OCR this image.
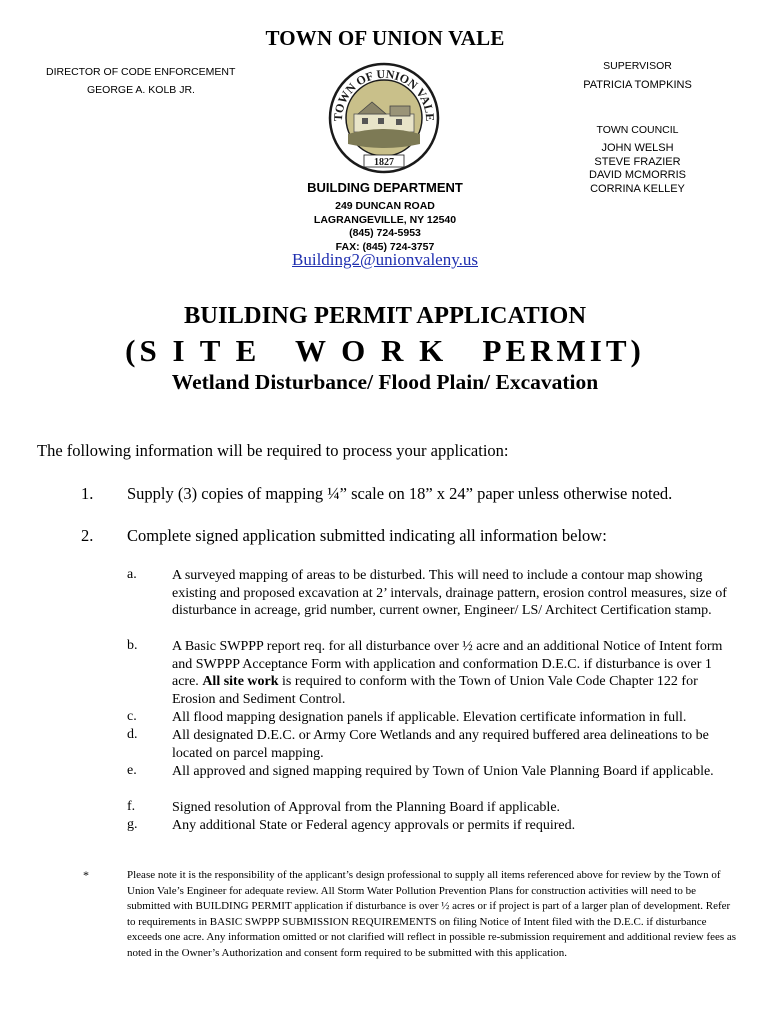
TOWN OF UNION VALE
DIRECTOR OF CODE ENFORCEMENT
GEORGE A. KOLB JR.
SUPERVISOR
PATRICIA TOMPKINS
TOWN COUNCIL
JOHN WELSH
STEVE FRAZIER
DAVID MCMORRIS
CORRINA KELLEY
TOWN OF UNION VALE
1827
BUILDING DEPARTMENT
249 DUNCAN ROAD
LAGRANGEVILLE, NY 12540
(845) 724-5953
FAX: (845) 724-3757
Building2@unionvaleny.us
BUILDING PERMIT APPLICATION
(S I T E   W O R K   PERMIT)
Wetland Disturbance/ Flood Plain/ Excavation
The following information will be required to process your application:
1. Supply (3) copies of mapping ¼” scale on 18” x 24” paper unless otherwise noted.
2. Complete signed application submitted indicating all information below:
a.	A surveyed mapping of areas to be disturbed. This will need to include a contour map showing existing and proposed excavation at 2’ intervals, drainage pattern, erosion control measures, size of disturbance in acreage, grid number, current owner, Engineer/ LS/ Architect Certification stamp.
b. A Basic SWPPP report req. for all disturbance over ½ acre and an additional Notice of Intent form and SWPPP Acceptance Form with application and conformation D.E.C. if disturbance is over 1 acre. All site work is required to conform with the Town of Union Vale Code Chapter 122 for Erosion and Sediment Control.
c.	All flood mapping designation panels if applicable. Elevation certificate information in full.
d. All designated D.E.C. or Army Core Wetlands and any required buffered area delineations to be located on parcel mapping.
e.	All approved and signed mapping required by Town of Union Vale Planning Board if applicable.
f.	Signed resolution of Approval from the Planning Board if applicable.
g. Any additional State or Federal agency approvals or permits if required.
*	Please note it is the responsibility of the applicant’s design professional to supply all items referenced above for review by the Town of Union Vale’s Engineer for adequate review. All Storm Water Pollution Prevention Plans for construction activities will need to be submitted with BUILDING PERMIT application if disturbance is over ½ acres or if project is part of a larger plan of development. Refer to requirements in BASIC SWPPP SUBMISSION REQUIREMENTS on filing Notice of Intent filed with the D.E.C. if disturbance exceeds one acre. Any information omitted or not clarified will reflect in possible re-submission requirement and additional review fees as noted in the Owner’s Authorization and consent form required to be submitted with this application.
